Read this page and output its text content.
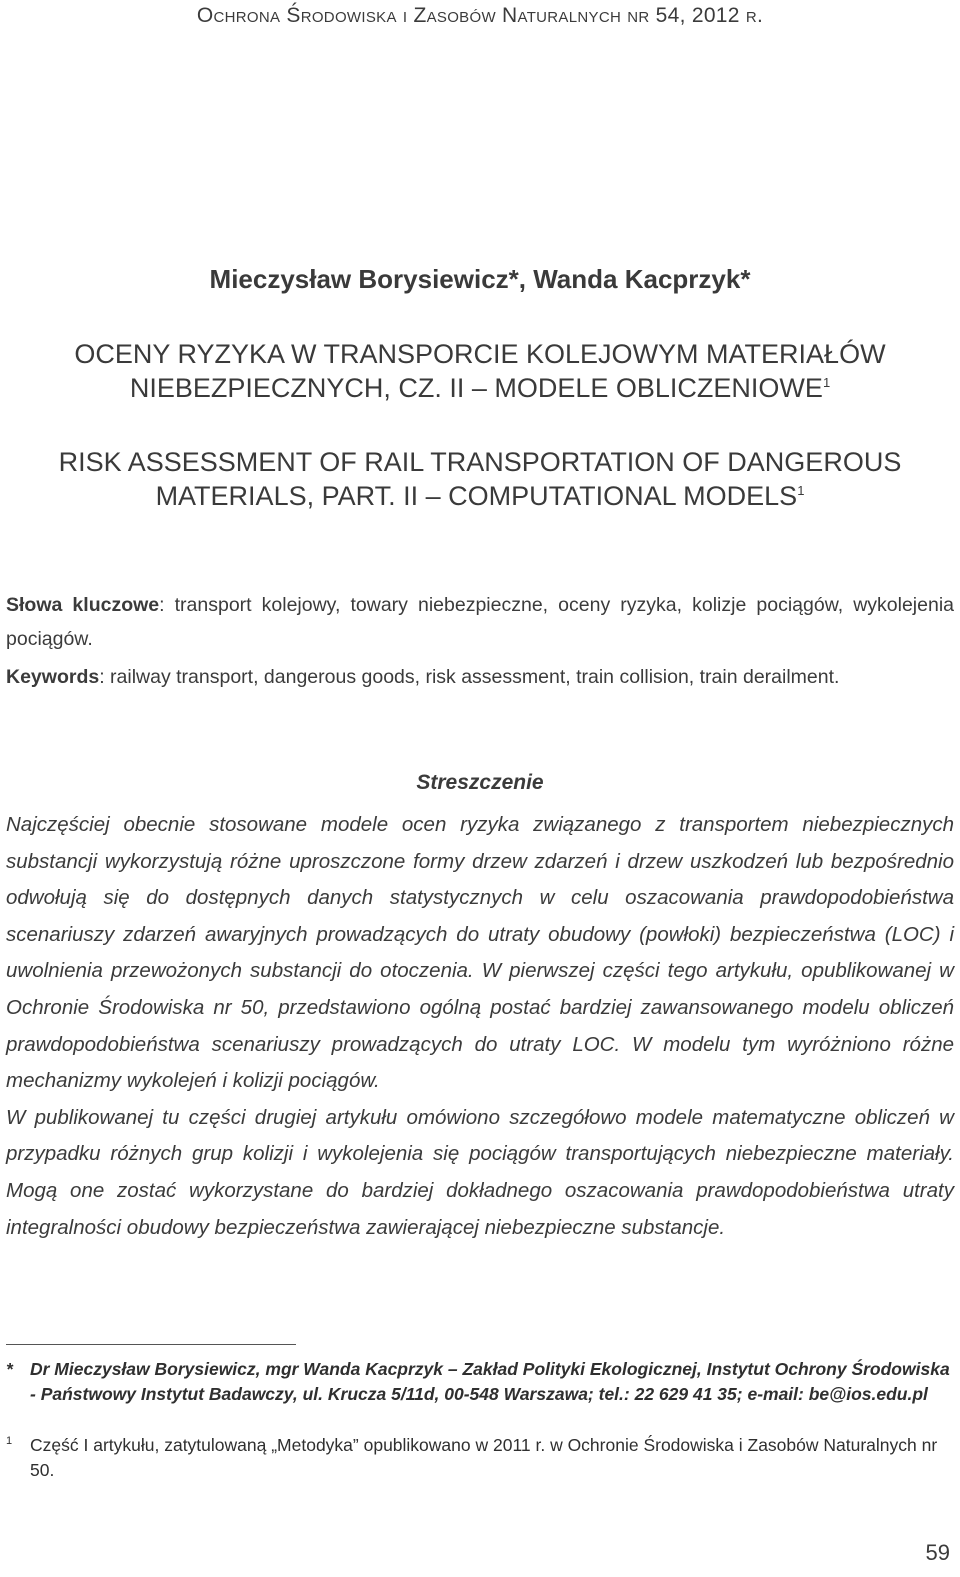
Ochrona Środowiska i Zasobów Naturalnych nr 54, 2012 r.
Mieczysław Borysiewicz*, Wanda Kacprzyk*
OCENY RYZYKA W TRANSPORCIE KOLEJOWYM MATERIAŁÓW
NIEBEZPIECZNYCH, CZ. II – MODELE OBLICZENIOWE$^1$
RISK ASSESSMENT OF RAIL TRANSPORTATION OF DANGEROUS
MATERIALS, PART. II – COMPUTATIONAL MODELS$^1$
Słowa kluczowe: transport kolejowy, towary niebezpieczne, oceny ryzyka, kolizje pociągów, wykolejenia pociągów.
Keywords: railway transport, dangerous goods, risk assessment, train collision, train derailment.
Streszczenie

Najczęściej obecnie stosowane modele ocen ryzyka związanego z transportem niebezpiecznych substancji wykorzystują różne uproszczone formy drzew zdarzeń i drzew uszkodzeń lub bezpośrednio odwołują się do dostępnych danych statystycznych w celu oszacowania prawdopodobieństwa scenariuszy zdarzeń awaryjnych prowadzących do utraty obudowy (powłoki) bezpieczeństwa (LOC) i uwolnienia przewożonych substancji do otoczenia. W pierwszej części tego artykułu, opublikowanej w Ochronie Środowiska nr 50, przedstawiono ogólną postać bardziej zawansowanego modelu obliczeń prawdopodobieństwa scenariuszy prowadzących do utraty LOC. W modelu tym wyróżniono różne mechanizmy wykolejeń i kolizji pociągów.

W publikowanej tu części drugiej artykułu omówiono szczegółowo modele matematyczne obliczeń w przypadku różnych grup kolizji i wykolejenia się pociągów transportujących niebezpieczne materiały. Mogą one zostać wykorzystane do bardziej dokładnego oszacowania prawdopodobieństwa utraty integralności obudowy bezpieczeństwa zawierającej niebezpieczne substancje.

* Dr Mieczysław Borysiewicz, mgr Wanda Kacprzyk – Zakład Polityki Ekologicznej, Instytut Ochrony Środowiska - Państwowy Instytut Badawczy, ul. Krucza 5/11d, 00-548 Warszawa; tel.: 22 629 41 35; e-mail: be@ios.edu.pl
1	Część I artykułu, zatytulowaną „Metodyka” opublikowano w 2011 r. w Ochronie Środowiska i Zasobów Naturalnych nr 50.
59
